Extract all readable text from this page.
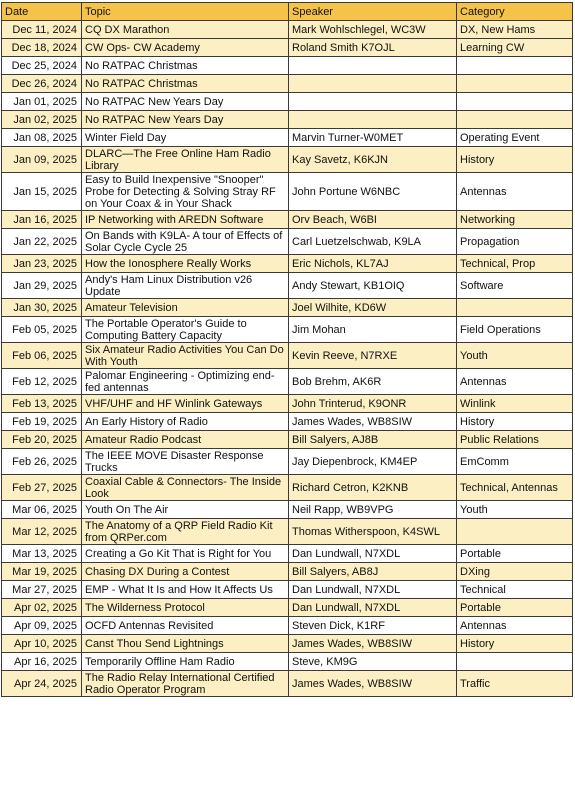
Date	Topic	Speaker	Category
Dec 11, 2024	CQ DX Marathon	Mark Wohlschlegel, WC3W	DX, New Hams
Dec 18, 2024	CW Ops- CW Academy	Roland Smith K7OJL	Learning CW
Dec 25, 2024	No RATPAC Christmas		
Dec 26, 2024	No RATPAC Christmas		
Jan 01, 2025	No RATPAC New Years Day		
Jan 02, 2025	No RATPAC New Years Day		
Jan 08, 2025	Winter Field Day	Marvin Turner-W0MET	Operating Event
Jan 09, 2025	DLARC—The Free Online Ham Radio Library	Kay Savetz, K6KJN	History
Jan 15, 2025	Easy to Build Inexpensive "Snooper" Probe for Detecting & Solving Stray RF on Your Coax & in Your Shack	John Portune W6NBC	Antennas
Jan 16, 2025	IP Networking with AREDN Software	Orv Beach, W6BI	Networking
Jan 22, 2025	On Bands with K9LA- A tour of Effects of Solar Cycle Cycle 25	Carl Luetzelschwab, K9LA	Propagation
Jan 23, 2025	How the Ionosphere Really Works	Eric Nichols, KL7AJ	Technical, Prop
Jan 29, 2025	Andy's Ham Linux Distribution v26 Update	Andy Stewart, KB1OIQ	Software
Jan 30, 2025	Amateur Television	Joel Wilhite, KD6W	
Feb 05, 2025	The Portable Operator's Guide to Computing Battery Capacity	Jim Mohan	Field Operations
Feb 06, 2025	Six Amateur Radio Activities You Can Do With Youth	Kevin Reeve, N7RXE	Youth
Feb 12, 2025	Palomar Engineering - Optimizing end-fed antennas	Bob Brehm, AK6R	Antennas
Feb 13, 2025	VHF/UHF and HF Winlink Gateways	John Trinterud, K9ONR	Winlink
Feb 19, 2025	An Early History of Radio	James Wades, WB8SIW	History
Feb 20, 2025	Amateur Radio Podcast	Bill Salyers, AJ8B	Public Relations
Feb 26, 2025	The IEEE MOVE Disaster Response Trucks	Jay Diepenbrock, KM4EP	EmComm
Feb 27, 2025	Coaxial Cable & Connectors- The Inside Look	Richard Cetron, K2KNB	Technical, Antennas
Mar 06, 2025	Youth On The Air	Neil Rapp, WB9VPG	Youth
Mar 12, 2025	The Anatomy of a QRP Field Radio Kit from QRPer.com	Thomas Witherspoon, K4SWL	
Mar 13, 2025	Creating a Go Kit That is Right for You	Dan Lundwall, N7XDL	Portable
Mar 19, 2025	Chasing DX During a Contest	Bill Salyers, AB8J	DXing
Mar 27, 2025	EMP - What It Is and How It Affects Us	Dan Lundwall, N7XDL	Technical
Apr 02, 2025	The Wilderness Protocol	Dan Lundwall, N7XDL	Portable
Apr 09, 2025	OCFD Antennas Revisited	Steven Dick, K1RF	Antennas
Apr 10, 2025	Canst Thou Send Lightnings	James Wades, WB8SIW	History
Apr 16, 2025	Temporarily Offline Ham Radio	Steve, KM9G	
Apr 24, 2025	The Radio Relay International Certified Radio Operator Program	James Wades, WB8SIW	Traffic
